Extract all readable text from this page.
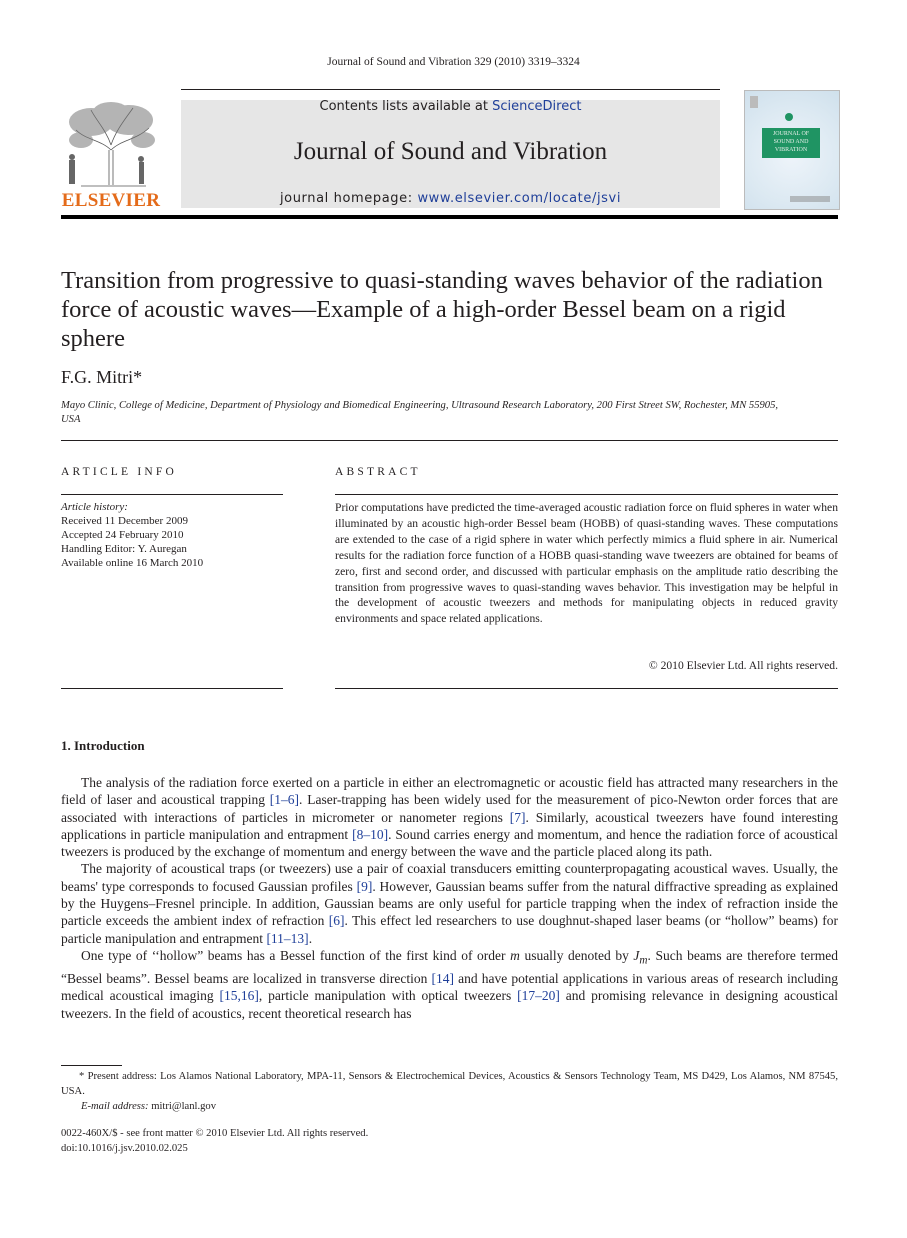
Journal of Sound and Vibration 329 (2010) 3319–3324
ELSEVIER
Contents lists available at ScienceDirect
Journal of Sound and Vibration
journal homepage: www.elsevier.com/locate/jsvi
JOURNAL OF SOUND AND VIBRATION
Transition from progressive to quasi-standing waves behavior of the radiation force of acoustic waves—Example of a high-order Bessel beam on a rigid sphere
F.G. Mitri*
Mayo Clinic, College of Medicine, Department of Physiology and Biomedical Engineering, Ultrasound Research Laboratory, 200 First Street SW, Rochester, MN 55905, USA
ARTICLE INFO	ABSTRACT
Article history:
Received 11 December 2009
Accepted 24 February 2010
Handling Editor: Y. Auregan
Available online 16 March 2010
Prior computations have predicted the time-averaged acoustic radiation force on fluid spheres in water when illuminated by an acoustic high-order Bessel beam (HOBB) of quasi-standing waves. These computations are extended to the case of a rigid sphere in water which perfectly mimics a fluid sphere in air. Numerical results for the radiation force function of a HOBB quasi-standing wave tweezers are obtained for beams of zero, first and second order, and discussed with particular emphasis on the amplitude ratio describing the transition from progressive waves to quasi-standing waves behavior. This investigation may be helpful in the development of acoustic tweezers and methods for manipulating objects in reduced gravity environments and space related applications.
© 2010 Elsevier Ltd. All rights reserved.
1. Introduction

The analysis of the radiation force exerted on a particle in either an electromagnetic or acoustic field has attracted many researchers in the field of laser and acoustical trapping [1–6]. Laser-trapping has been widely used for the measurement of pico-Newton order forces that are associated with interactions of particles in micrometer or nanometer regions [7]. Similarly, acoustical tweezers have found interesting applications in particle manipulation and entrapment [8–10]. Sound carries energy and momentum, and hence the radiation force of acoustical tweezers is produced by the exchange of momentum and energy between the wave and the particle placed along its path.

The majority of acoustical traps (or tweezers) use a pair of coaxial transducers emitting counterpropagating acoustical waves. Usually, the beams' type corresponds to focused Gaussian profiles [9]. However, Gaussian beams suffer from the natural diffractive spreading as explained by the Huygens–Fresnel principle. In addition, Gaussian beams are only useful for particle trapping when the index of refraction inside the particle exceeds the ambient index of refraction [6]. This effect led researchers to use doughnut-shaped laser beams (or “hollow” beams) for particle manipulation and entrapment [11–13].

One type of ‘‘hollow” beams has a Bessel function of the first kind of order m usually denoted by $J_m$. Such beams are therefore termed “Bessel beams”. Bessel beams are localized in transverse direction [14] and have potential applications in various areas of research including medical acoustical imaging [15,16], particle manipulation with optical tweezers [17–20] and promising relevance in designing acoustical tweezers. In the field of acoustics, recent theoretical research has

* Present address: Los Alamos National Laboratory, MPA-11, Sensors & Electrochemical Devices, Acoustics & Sensors Technology Team, MS D429, Los Alamos, NM 87545, USA.
E-mail address: mitri@lanl.gov
0022-460X/$ - see front matter © 2010 Elsevier Ltd. All rights reserved.
doi:10.1016/j.jsv.2010.02.025
